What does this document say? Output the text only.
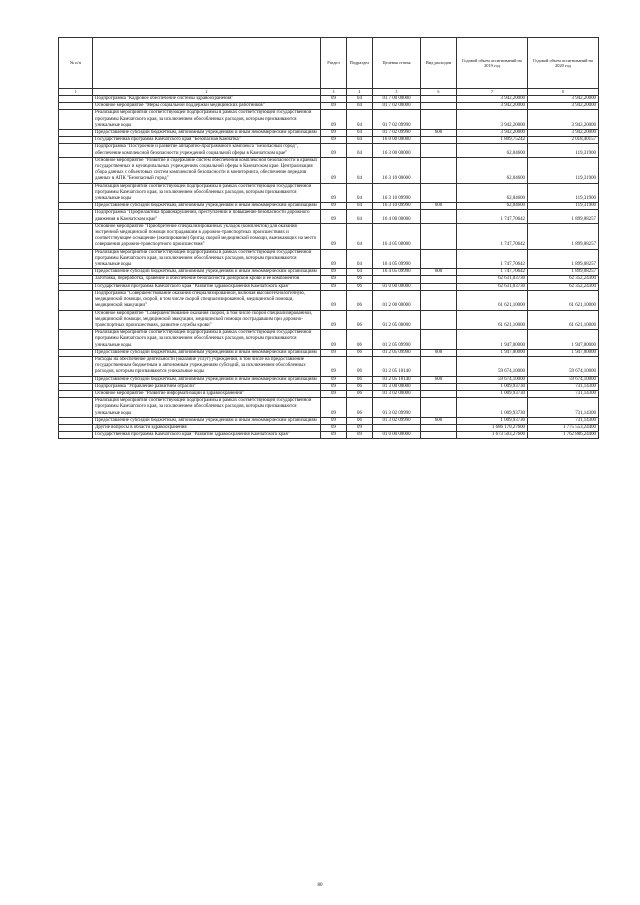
№ п/п		Раздел	Подраздел	Целевая статья	Вид расходов	Годовой объем ассигнований на 2019 год	Годовой объем ассигнований на 2020 год
1	2	3	4	5	6	7	8
	Подпрограмма "Кадровое обеспечение системы здравоохранения"	09	04	01 7 00 00000		3 942,20000	3 942,20000
	Основное мероприятие "Меры социальной поддержки медицинских работников"	09	04	01 7 02 00000		3 942,20000	3 942,20000
	Реализация мероприятий соответствующей подпрограммы в рамках соответствующей государственной программы Камчатского края, за исключением обособленных расходов, которым присваиваются уникальные коды	09	04	01 7 02 09990		3 942,20000	3 942,20000
	Предоставление субсидий бюджетным, автономным учреждениям и иным некоммерческим организациям	09	04	01 7 02 09990	600	3 942,20000	3 942,20000
	Государственная программа Камчатского края "Безопасная Камчатка"	09	04	16 0 00 00000		1 809,75242	2 018,40157
	Подпрограмма "Построение и развитие аппаратно-программного комплекса "Безопасный город", обеспечение комплексной безопасности учреждений социальной сферы в Камчатском крае"	09	04	16 3 00 00000		62,04600	119,31900
	Основное мероприятие "Развитие и содержание систем обеспечения комплексной безопасности в краевых государственных и муниципальных учреждениях социальной сферы в Камчатском крае. Централизация сбора данных с объектовых систем комплексной безопасности и мониторинга, обеспечение передачи данных в АПК "Безопасный город"	09	04	16 3 10 00000		62,04600	119,31900
	Реализация мероприятий соответствующей подпрограммы в рамках соответствующей государственной программы Камчатского края, за исключением обособленных расходов, которым присваиваются уникальные коды	09	04	16 3 10 09990		62,04600	119,31900
	Предоставление субсидий бюджетным, автономным учреждениям и иным некоммерческим организациям	09	04	16 3 10 09990	600	62,04600	119,31900
	Подпрограмма "Профилактика правонарушений, преступлений и повышение безопасности дорожного движения в Камчатском крае"	09	04	16 4 00 00000		1 747,70642	1 899,08257
	Основное мероприятие "Приобретение специализированных укладок (комплектов) для оказания экстренной медицинской помощи пострадавшим в дорожно-транспортных происшествиях и соответствующее оснащение (экипирование) бригад скорой медицинской помощи, выезжающих на место совершения дорожно-транспортного происшествия"	09	04	16 4 05 00000		1 747,70642	1 899,08257
	Реализация мероприятий соответствующей подпрограммы в рамках соответствующей государственной программы Камчатского края, за исключением обособленных расходов, которым присваиваются уникальные коды	09	04	16 4 05 09990		1 747,70642	1 899,08257
	Предоставление субсидий бюджетным, автономным учреждениям и иным некоммерческим организациям	09	04	16 4 05 09990	600	1 747,70642	1 899,08257
	Заготовка, переработка, хранение и обеспечение безопасности донорской крови и ее компонентов	09	06			62 631,03730	62 352,24300
	Государственная программа Камчатского края "Развитие здравоохранения Камчатского края"	09	06	01 0 00 00000		62 631,03730	62 352,24300
	Подпрограмма "Совершенствование оказания специализированной, включая высокотехнологичную, медицинской помощи, скорой, в том числе скорой специализированной, медицинской помощи, медицинской эвакуации"	09	06	01 2 00 00000		61 621,10000	61 621,10000
	Основное мероприятие "Совершенствование оказания скорой, в том числе скорой специализированной, медицинской помощи, медицинской эвакуации, медицинской помощи пострадавшим при дорожно-транспортных происшествиях, развитие службы крови"	09	06	01 2 05 00000		61 621,10000	61 621,10000
	Реализация мероприятий соответствующей подпрограммы в рамках соответствующей государственной программы Камчатского края, за исключением обособленных расходов, которым присваиваются уникальные коды	09	06	01 2 05 09990		1 947,00000	1 947,00000
	Предоставление субсидий бюджетным, автономным учреждениям и иным некоммерческим организациям	09	06	01 2 05 09990	600	1 947,00000	1 947,00000
	Расходы на обеспечение деятельности (оказание услуг) учреждений, в том числе на предоставление государственным бюджетным и автономным учреждениям субсидий, за исключением обособленных расходов, которым присваиваются уникальные коды	09	06	01 2 05 10140		59 674,10000	59 674,10000
	Предоставление субсидий бюджетным, автономным учреждениям и иным некоммерческим организациям	09	06	01 2 05 10140	600	59 674,10000	59 674,10000
	Подпрограмма "Управление развитием отрасли"	09	06	01 3 00 00000		1 009,93730	731,14300
	Основное мероприятие "Развитие информатизации в здравоохранении"	09	06	01 3 02 00000		1 009,93730	731,14300
	Реализация мероприятий соответствующей подпрограммы в рамках соответствующей государственной программы Камчатского края, за исключением обособленных расходов, которым присваиваются уникальные коды	09	06	01 3 02 09990		1 009,93730	731,14300
	Предоставление субсидий бюджетным, автономным учреждениям и иным некоммерческим организациям	09	06	01 3 02 09990	600	1 009,93730	731,14300
	Другие вопросы в области здравоохранения	09	09			1 686 170,27600	1 775 553,24400
	Государственная программа Камчатского края "Развитие здравоохранения Камчатского края"	09	09	01 0 00 00000		1 673 503,27600	1 762 886,24400
80
